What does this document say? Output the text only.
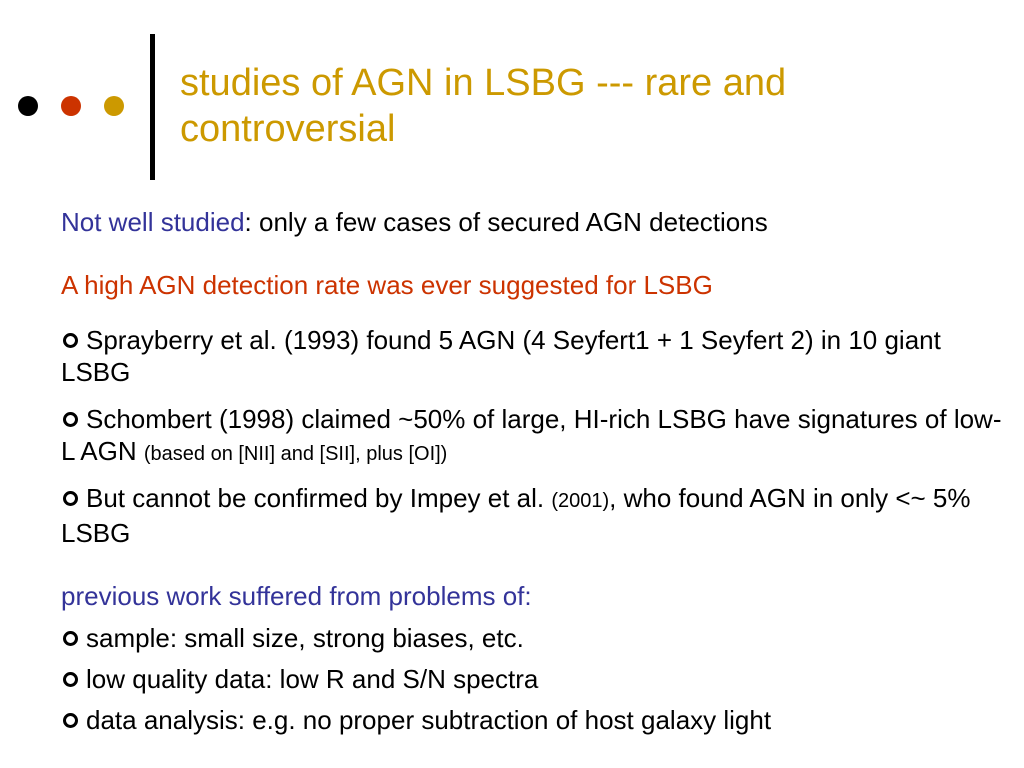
studies of AGN in LSBG --- rare and controversial

Not well studied: only a few cases of secured AGN detections

A high AGN detection rate was ever suggested for LSBG

Sprayberry et al. (1993) found 5 AGN (4 Seyfert1 + 1 Seyfert 2) in 10 giant LSBG

Schombert (1998) claimed ~50% of large, HI-rich LSBG have signatures of low-L AGN (based on [NII] and [SII], plus [OI])

But cannot be confirmed by Impey et al. (2001), who found AGN in only <~ 5% LSBG

previous work suffered from problems of:

sample: small size, strong biases, etc.

low quality data: low R and S/N spectra

data analysis: e.g. no proper subtraction of host galaxy light
